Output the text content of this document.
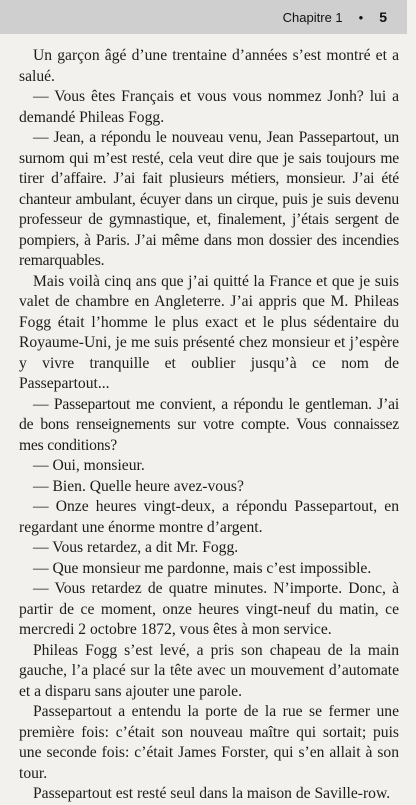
Chapitre 1 • 5

Un garçon âgé d’une trentaine d’années s’est montré et a salué.

— Vous êtes Français et vous vous nommez Jonh? lui a demandé Phileas Fogg.

— Jean, a répondu le nouveau venu, Jean Passepartout, un surnom qui m’est resté, cela veut dire que je sais toujours me tirer d’affaire. J’ai fait plusieurs métiers, monsieur. J’ai été chanteur ambulant, écuyer dans un cirque, puis je suis devenu professeur de gymnastique, et, finalement, j’étais sergent de pompiers, à Paris. J’ai même dans mon dossier des incendies remarquables.

Mais voilà cinq ans que j’ai quitté la France et que je suis valet de chambre en Angleterre. J’ai appris que M. Phileas Fogg était l’homme le plus exact et le plus sédentaire du Royaume-Uni, je me suis présenté chez monsieur et j’espère y vivre tranquille et oublier jusqu’à ce nom de Passepartout...

— Passepartout me convient, a répondu le gentleman. J’ai de bons renseignements sur votre compte. Vous connaissez mes conditions?

— Oui, monsieur.

— Bien. Quelle heure avez-vous?

— Onze heures vingt-deux, a répondu Passepartout, en regardant une énorme montre d’argent.

— Vous retardez, a dit Mr. Fogg.

— Que monsieur me pardonne, mais c’est impossible.

— Vous retardez de quatre minutes. N’importe. Donc, à partir de ce moment, onze heures vingt-neuf du matin, ce mercredi 2 octobre 1872, vous êtes à mon service.

Phileas Fogg s’est levé, a pris son chapeau de la main gauche, l’a placé sur la tête avec un mouvement d’automate et a disparu sans ajouter une parole.

Passepartout a entendu la porte de la rue se fermer une première fois: c’était son nouveau maître qui sortait; puis une seconde fois: c’était James Forster, qui s’en allait à son tour.

Passepartout est resté seul dans la maison de Saville-row.
